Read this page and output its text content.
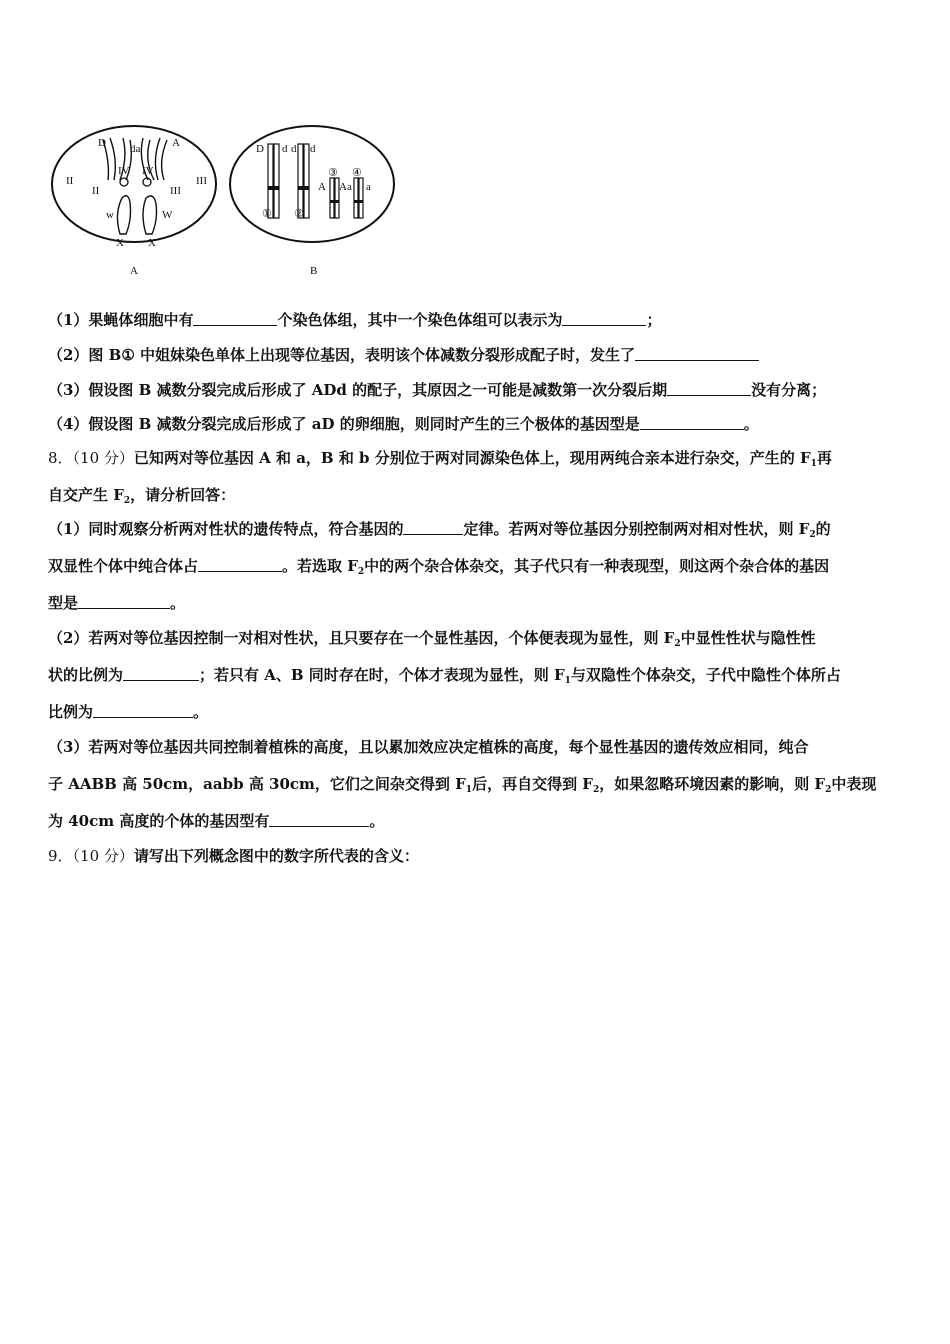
D da	A
II
II	III
III
IV IV
w	W
X X
A
D d d d
A Aa a
① ②
③ ④
B
（1）果蝇体细胞中有	个染色体组，其中一个染色体组可以表示为	；
（2）图 B① 中姐妹染色单体上出现等位基因，表明该个体减数分裂形成配子时，发生了
（3）假设图 B 减数分裂完成后形成了 ADd 的配子，其原因之一可能是减数第一次分裂后期	没有分离；
（4）假设图 B 减数分裂完成后形成了 aD 的卵细胞，则同时产生的三个极体的基因型是	。
8．（10 分）已知两对等位基因 A 和 a，B 和 b 分别位于两对同源染色体上，现用两纯合亲本进行杂交，产生的 $F_1$再
自交产生 $F_2$，请分析回答：
（1）同时观察分析两对性状的遗传特点，符合基因的	定律。若两对等位基因分别控制两对相对性状，则 $F_2$的
双显性个体中纯合体占	。若选取 $F_2$中的两个杂合体杂交，其子代只有一种表现型，则这两个杂合体的基因
型是	。
（2）若两对等位基因控制一对相对性状，且只要存在一个显性基因，个体便表现为显性，则 $F_2$中显性性状与隐性性
状的比例为	；若只有 A、B 同时存在时，个体才表现为显性，则 $F_1$与双隐性个体杂交，子代中隐性个体所占
比例为	。
（3）若两对等位基因共同控制着植株的高度，且以累加效应决定植株的高度，每个显性基因的遗传效应相同，纯合
子 AABB 高 50cm，aabb 高 30cm，它们之间杂交得到 $F_1$后，再自交得到 $F_2$，如果忽略环境因素的影响，则 $F_2$中表现
为 40cm 高度的个体的基因型有	。
9．（10 分）请写出下列概念图中的数字所代表的含义：
